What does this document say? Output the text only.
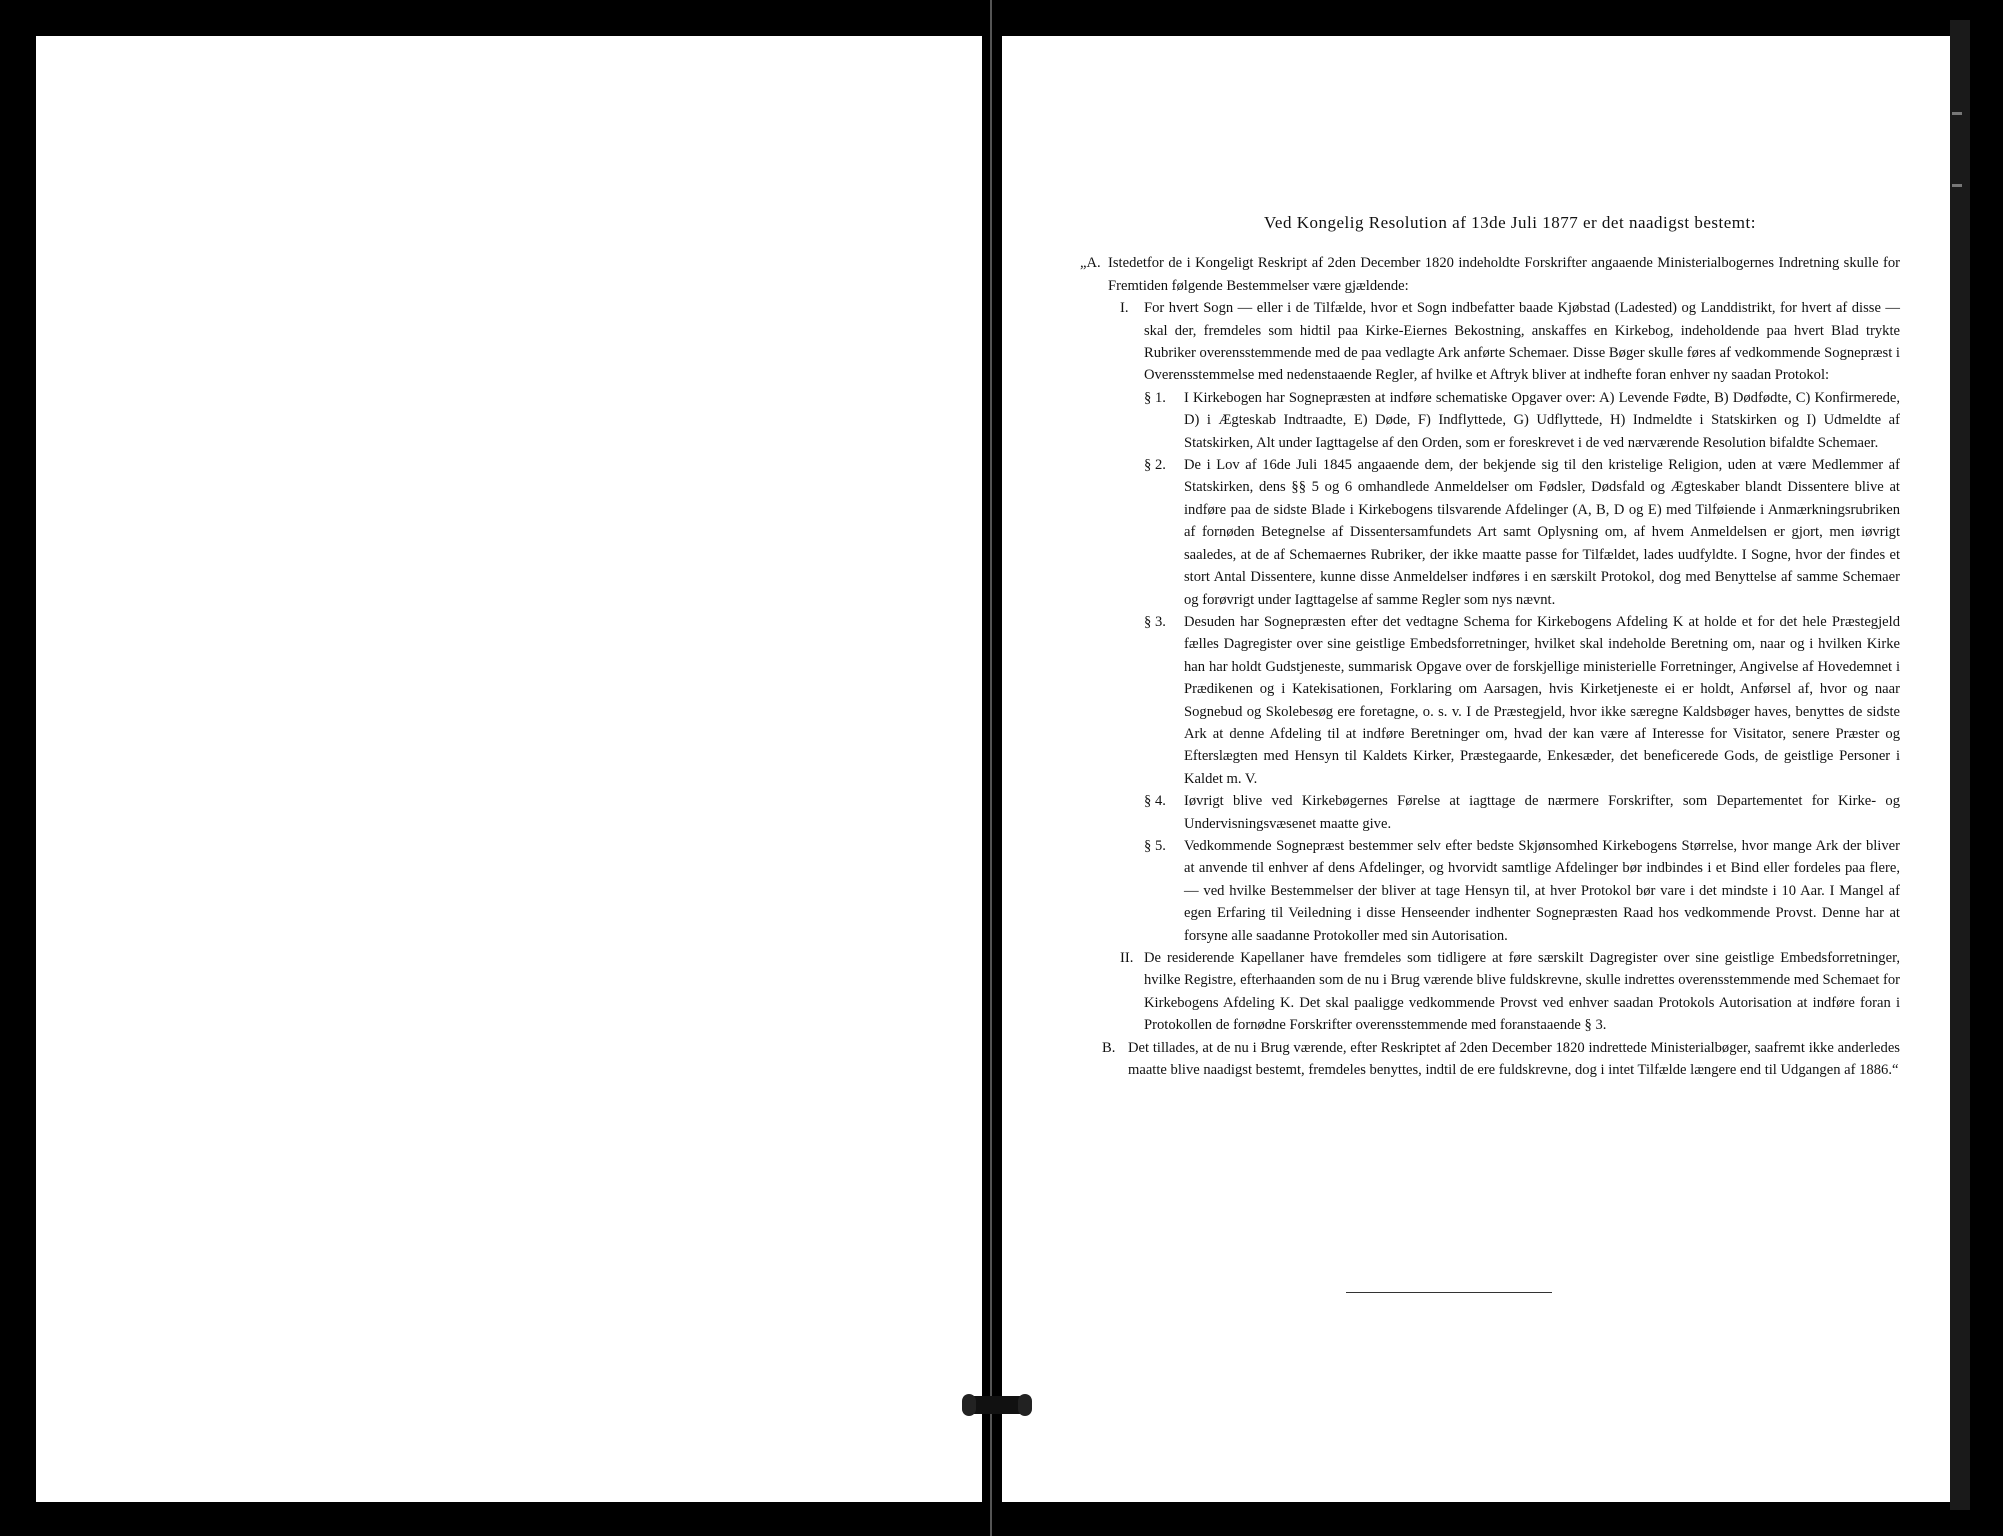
Ved Kongelig Resolution af 13de Juli 1877 er det naadigst bestemt:

„A. Istedetfor de i Kongeligt Reskript af 2den December 1820 indeholdte Forskrifter angaaende Ministerialbogernes Indretning skulle for Fremtiden følgende Bestemmelser være gjældende:
I.	For hvert Sogn — eller i de Tilfælde, hvor et Sogn indbefatter baade Kjøbstad (Ladested) og Landdistrikt, for hvert af disse — skal der, fremdeles som hidtil paa Kirke-Eiernes Bekostning, anskaffes en Kirkebog, indeholdende paa hvert Blad trykte Rubriker overensstemmende med de paa vedlagte Ark anførte Schemaer. Disse Bøger skulle føres af vedkommende Sognepræst i Overensstemmelse med nedenstaaende Regler, af hvilke et Aftryk bliver at indhefte foran enhver ny saadan Protokol:
§ 1.	I Kirkebogen har Sognepræsten at indføre schematiske Opgaver over: A) Levende Fødte, B) Dødfødte, C) Konfirmerede, D) i Ægteskab Indtraadte, E) Døde, F) Indflyttede, G) Udflyttede, H) Indmeldte i Statskirken og I) Udmeldte af Statskirken, Alt under Iagttagelse af den Orden, som er foreskrevet i de ved nærværende Resolution bifaldte Schemaer.
§ 2.	De i Lov af 16de Juli 1845 angaaende dem, der bekjende sig til den kristelige Religion, uden at være Medlemmer af Statskirken, dens §§ 5 og 6 omhandlede Anmeldelser om Fødsler, Dødsfald og Ægteskaber blandt Dissentere blive at indføre paa de sidste Blade i Kirkebogens tilsvarende Afdelinger (A, B, D og E) med Tilføiende i Anmærkningsrubriken af fornøden Betegnelse af Dissentersamfundets Art samt Oplysning om, af hvem Anmeldelsen er gjort, men iøvrigt saaledes, at de af Schemaernes Rubriker, der ikke maatte passe for Tilfældet, lades uudfyldte. I Sogne, hvor der findes et stort Antal Dissentere, kunne disse Anmeldelser indføres i en særskilt Protokol, dog med Benyttelse af samme Schemaer og forøvrigt under Iagttagelse af samme Regler som nys nævnt.
§ 3.	Desuden har Sognepræsten efter det vedtagne Schema for Kirkebogens Afdeling K at holde et for det hele Præstegjeld fælles Dagregister over sine geistlige Embedsforretninger, hvilket skal indeholde Beretning om, naar og i hvilken Kirke han har holdt Gudstjeneste, summarisk Opgave over de forskjellige ministerielle Forretninger, Angivelse af Hovedemnet i Prædikenen og i Katekisationen, Forklaring om Aarsagen, hvis Kirketjeneste ei er holdt, Anførsel af, hvor og naar Sognebud og Skolebesøg ere foretagne, o. s. v. I de Præstegjeld, hvor ikke særegne Kaldsbøger haves, benyttes de sidste Ark at denne Afdeling til at indføre Beretninger om, hvad der kan være af Interesse for Visitator, senere Præster og Efterslægten med Hensyn til Kaldets Kirker, Præstegaarde, Enkesæder, det beneficerede Gods, de geistlige Personer i Kaldet m. V.
§ 4.	Iøvrigt blive ved Kirkebøgernes Førelse at iagttage de nærmere Forskrifter, som Departementet for Kirke- og Undervisningsvæsenet maatte give.
§ 5.	Vedkommende Sognepræst bestemmer selv efter bedste Skjønsomhed Kirkebogens Størrelse, hvor mange Ark der bliver at anvende til enhver af dens Afdelinger, og hvorvidt samtlige Afdelinger bør indbindes i et Bind eller fordeles paa flere, — ved hvilke Bestemmelser der bliver at tage Hensyn til, at hver Protokol bør vare i det mindste i 10 Aar. I Mangel af egen Erfaring til Veiledning i disse Henseender indhenter Sognepræsten Raad hos vedkommende Provst. Denne har at forsyne alle saadanne Protokoller med sin Autorisation.
II. De residerende Kapellaner have fremdeles som tidligere at føre særskilt Dagregister over sine geistlige Embedsforretninger, hvilke Registre, efterhaanden som de nu i Brug værende blive fuldskrevne, skulle indrettes overensstemmende med Schemaet for Kirkebogens Afdeling K. Det skal paaligge vedkommende Provst ved enhver saadan Protokols Autorisation at indføre foran i Protokollen de fornødne Forskrifter overensstemmende med foranstaaende § 3.
B. Det tillades, at de nu i Brug værende, efter Reskriptet af 2den December 1820 indrettede Ministerialbøger, saafremt ikke anderledes maatte blive naadigst bestemt, fremdeles benyttes, indtil de ere fuldskrevne, dog i intet Tilfælde længere end til Udgangen af 1886.“
